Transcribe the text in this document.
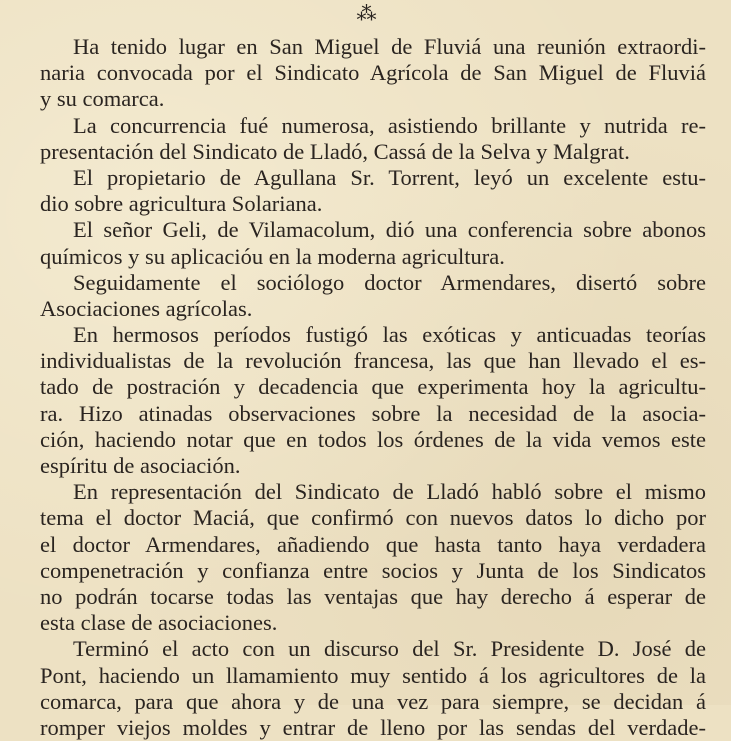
⁂
Ha tenido lugar en San Miguel de Fluviá una reunión extraordi-
naria convocada por el Sindicato Agrícola de San Miguel de Fluviá
y su comarca.
La concurrencia fué numerosa, asistiendo brillante y nutrida re-
presentación del Sindicato de Lladó, Cassá de la Selva y Malgrat.
El propietario de Agullana Sr. Torrent, leyó un excelente estu-
dio sobre agricultura Solariana.
El señor Geli, de Vilamacolum, dió una conferencia sobre abonos
químicos y su aplicacióu en la moderna agricultura.
Seguidamente el sociólogo doctor Armendares, disertó sobre
Asociaciones agrícolas.
En hermosos períodos fustigó las exóticas y anticuadas teorías
individualistas de la revolución francesa, las que han llevado el es-
tado de postración y decadencia que experimenta hoy la agricultu-
ra. Hizo atinadas observaciones sobre la necesidad de la asocia-
ción, haciendo notar que en todos los órdenes de la vida vemos este
espíritu de asociación.
En representación del Sindicato de Lladó habló sobre el mismo
tema el doctor Maciá, que confirmó con nuevos datos lo dicho por
el doctor Armendares, añadiendo que hasta tanto haya verdadera
compenetración y confianza entre socios y Junta de los Sindicatos
no podrán tocarse todas las ventajas que hay derecho á esperar de
esta clase de asociaciones.
Terminó el acto con un discurso del Sr. Presidente D. José de
Pont, haciendo un llamamiento muy sentido á los agricultores de la
comarca, para que ahora y de una vez para siempre, se decidan á
romper viejos moldes y entrar de lleno por las sendas del verdade-
